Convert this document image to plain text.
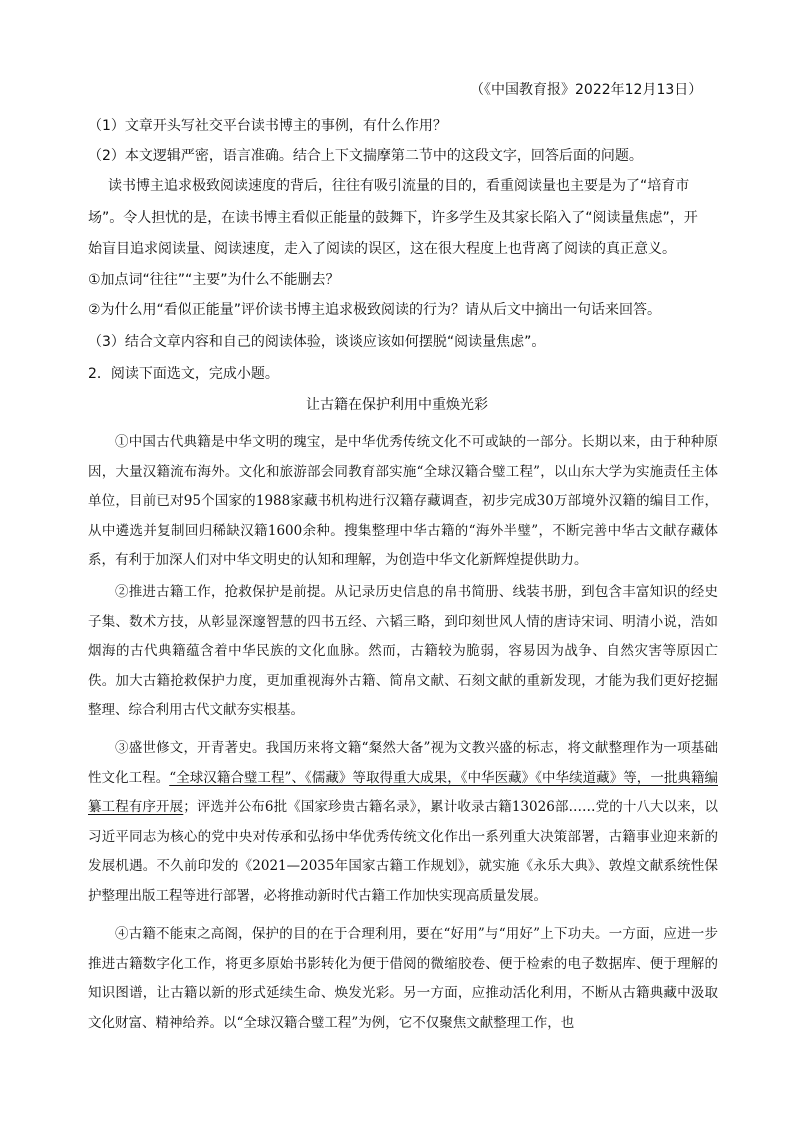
（《中国教育报》2022年12月13日）
（1）文章开头写社交平台读书博主的事例，有什么作用？
（2）本文逻辑严密，语言准确。结合上下文揣摩第二节中的这段文字，回答后面的问题。
读书博主追求极致阅读速度的背后，往往有吸引流量的目的，看重阅读量也主要是为了“培育市
场”。令人担忧的是，在读书博主看似正能量的鼓舞下，许多学生及其家长陷入了“阅读量焦虑”，开
始盲目追求阅读量、阅读速度，走入了阅读的误区，这在很大程度上也背离了阅读的真正意义。
①加点词“往往”“主要”为什么不能删去？
②为什么用“看似正能量”评价读书博主追求极致阅读的行为？请从后文中摘出一句话来回答。
（3）结合文章内容和自己的阅读体验，谈谈应该如何摆脱“阅读量焦虑”。
2．阅读下面选文，完成小题。
让古籍在保护利用中重焕光彩

①中国古代典籍是中华文明的瑰宝，是中华优秀传统文化不可或缺的一部分。长期以来，由于种种原因，大量汉籍流布海外。文化和旅游部会同教育部实施“全球汉籍合璧工程”，以山东大学为实施责任主体单位，目前已对95个国家的1988家藏书机构进行汉籍存藏调查，初步完成30万部境外汉籍的编目工作，从中遴选并复制回归稀缺汉籍1600余种。搜集整理中华古籍的“海外半璧”，不断完善中华古文献存藏体系，有利于加深人们对中华文明史的认知和理解，为创造中华文化新辉煌提供助力。

②推进古籍工作，抢救保护是前提。从记录历史信息的帛书简册、线装书册，到包含丰富知识的经史子集、数术方技，从彰显深邃智慧的四书五经、六韬三略，到印刻世风人情的唐诗宋词、明清小说，浩如烟海的古代典籍蕴含着中华民族的文化血脉。然而，古籍较为脆弱，容易因为战争、自然灾害等原因亡佚。加大古籍抢救保护力度，更加重视海外古籍、简帛文献、石刻文献的重新发现，才能为我们更好挖掘整理、综合利用古代文献夯实根基。

③盛世修文，开青著史。我国历来将文籍“粲然大备”视为文教兴盛的标志，将文献整理作为一项基础性文化工程。“全球汉籍合璧工程”、《儒藏》等取得重大成果，《中华医藏》《中华续道藏》等，一批典籍编纂工程有序开展；评选并公布6批《国家珍贵古籍名录》，累计收录古籍13026部……党的十八大以来，以习近平同志为核心的党中央对传承和弘扬中华优秀传统文化作出一系列重大决策部署，古籍事业迎来新的发展机遇。不久前印发的《2021—2035年国家古籍工作规划》，就实施《永乐大典》、敦煌文献系统性保护整理出版工程等进行部署，必将推动新时代古籍工作加快实现高质量发展。

④古籍不能束之高阁，保护的目的在于合理利用，要在“好用”与“用好”上下功夫。一方面，应进一步推进古籍数字化工作，将更多原始书影转化为便于借阅的微缩胶卷、便于检索的电子数据库、便于理解的知识图谱，让古籍以新的形式延续生命、焕发光彩。另一方面，应推动活化利用，不断从古籍典藏中汲取文化财富、精神给养。以“全球汉籍合璧工程”为例，它不仅聚焦文献整理工作，也
